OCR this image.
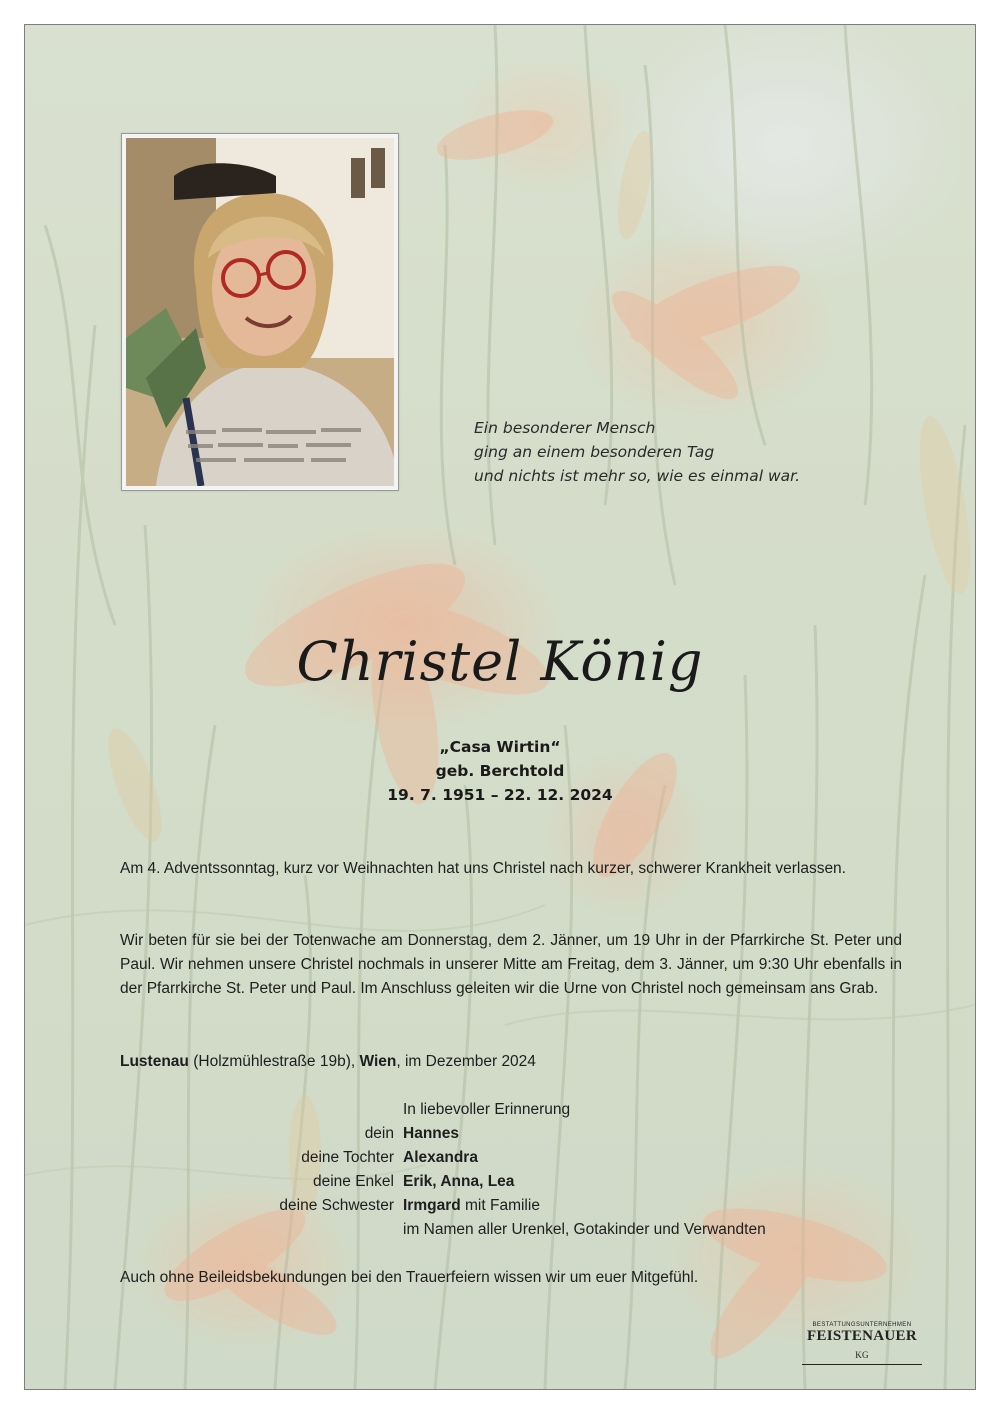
Ein besonderer Mensch
ging an einem besonderen Tag
und nichts ist mehr so, wie es einmal war.
Christel König
„Casa Wirtin“
geb. Berchtold
19. 7. 1951 – 22. 12. 2024
Am 4. Adventssonntag, kurz vor Weihnachten hat uns Christel nach kurzer, schwerer Krankheit verlassen.
Wir beten für sie bei der Totenwache am Donnerstag, dem 2. Jänner, um 19 Uhr in der Pfarrkirche St. Peter und Paul. Wir nehmen unsere Christel nochmals in unserer Mitte am Freitag, dem 3. Jänner, um 9:30 Uhr ebenfalls in der Pfarrkirche St. Peter und Paul. Im Anschluss geleiten wir die Urne von Christel noch gemeinsam ans Grab.
Lustenau (Holzmühlestraße 19b), Wien, im Dezember 2024
In liebevoller Erinnerung
dein Hannes
deine Tochter Alexandra
deine Enkel Erik, Anna, Lea
deine Schwester Irmgard mit Familie
im Namen aller Urenkel, Gotakinder und Verwandten
Auch ohne Beileidsbekundungen bei den Trauerfeiern wissen wir um euer Mitgefühl.
BESTATTUNGSUNTERNEHMEN
FEISTENAUER KG
